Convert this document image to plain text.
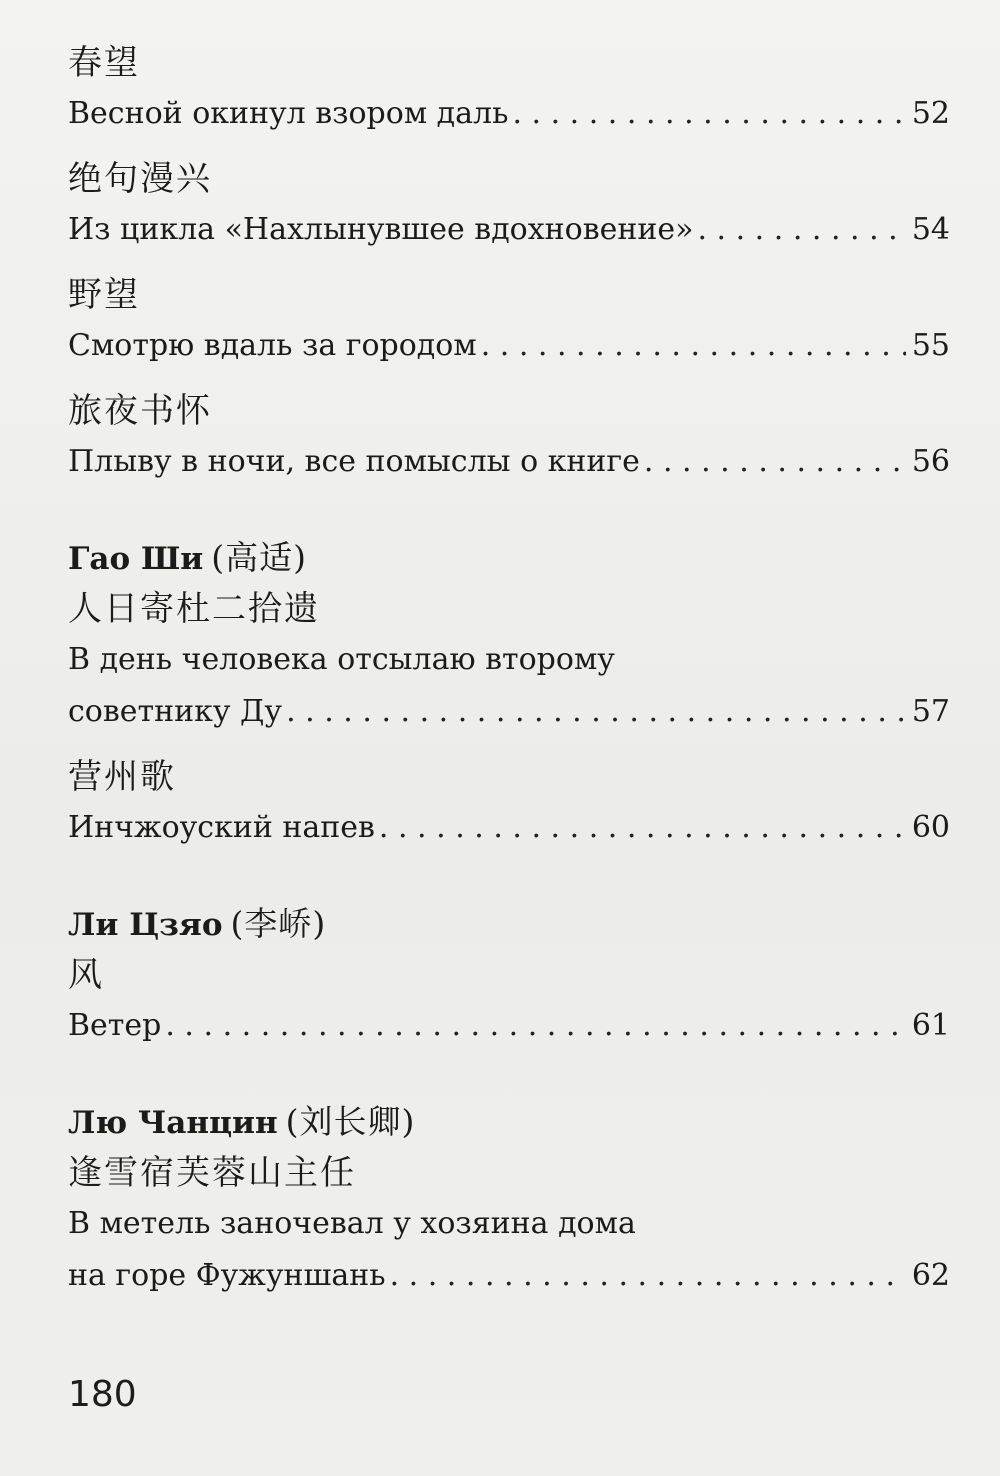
春望
Весной окинул взором даль . . .	52
绝句漫兴
Из цикла «Нахлынувшее вдохновение» . . .	54
野望
Смотрю вдаль за городом . . .	55
旅夜书怀
Плыву в ночи, все помыслы о книге . . .	56
Гао Ши (高适)
人日寄杜二拾遗
В день человека отсылаю второму
советнику Ду . . .	57
营州歌
Инчжоуский напев . . .	60
Ли Цзяо (李峤)
风
Ветер . . .	61
Лю Чанцин (刘长卿)
逢雪宿芙蓉山主任
В метель заночевал у хозяина дома
на горе Фужуншань . . .	62
180
